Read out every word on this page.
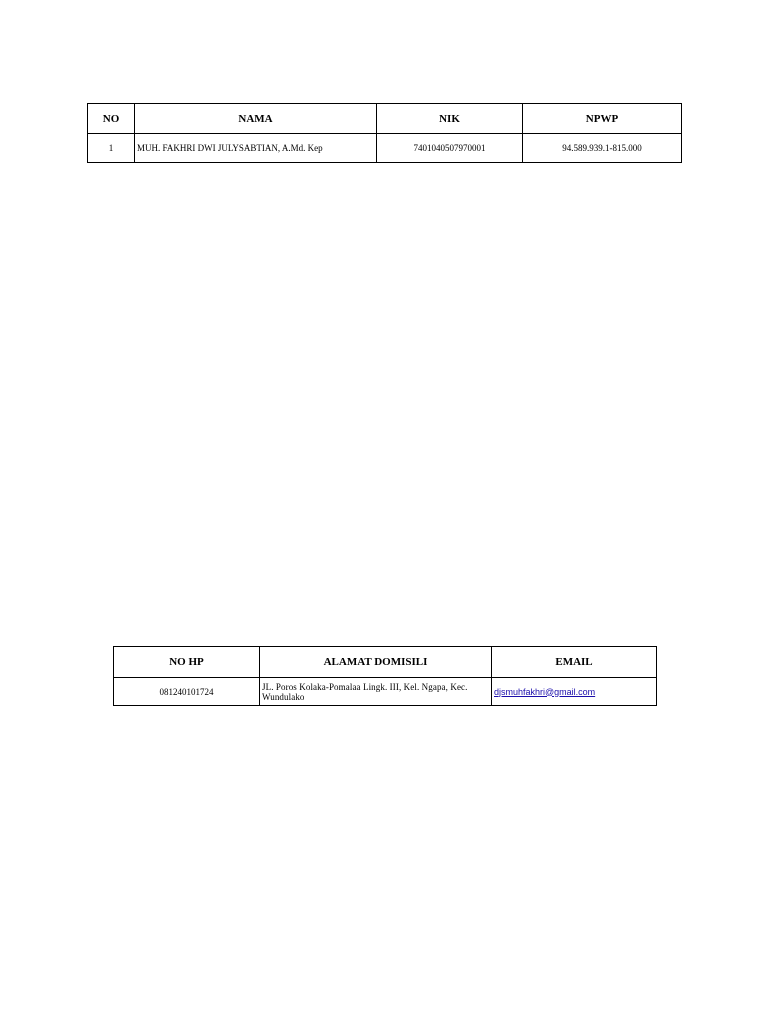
NO	NAMA	NIK	NPWP
1	MUH. FAKHRI DWI JULYSABTIAN, A.Md. Kep	7401040507970001	94.589.939.1-815.000
NO HP	ALAMAT DOMISILI	EMAIL
081240101724	JL. Poros Kolaka-Pomalaa Lingk. III, Kel. Ngapa, Kec. Wundulako	djsmuhfakhri@gmail.com
